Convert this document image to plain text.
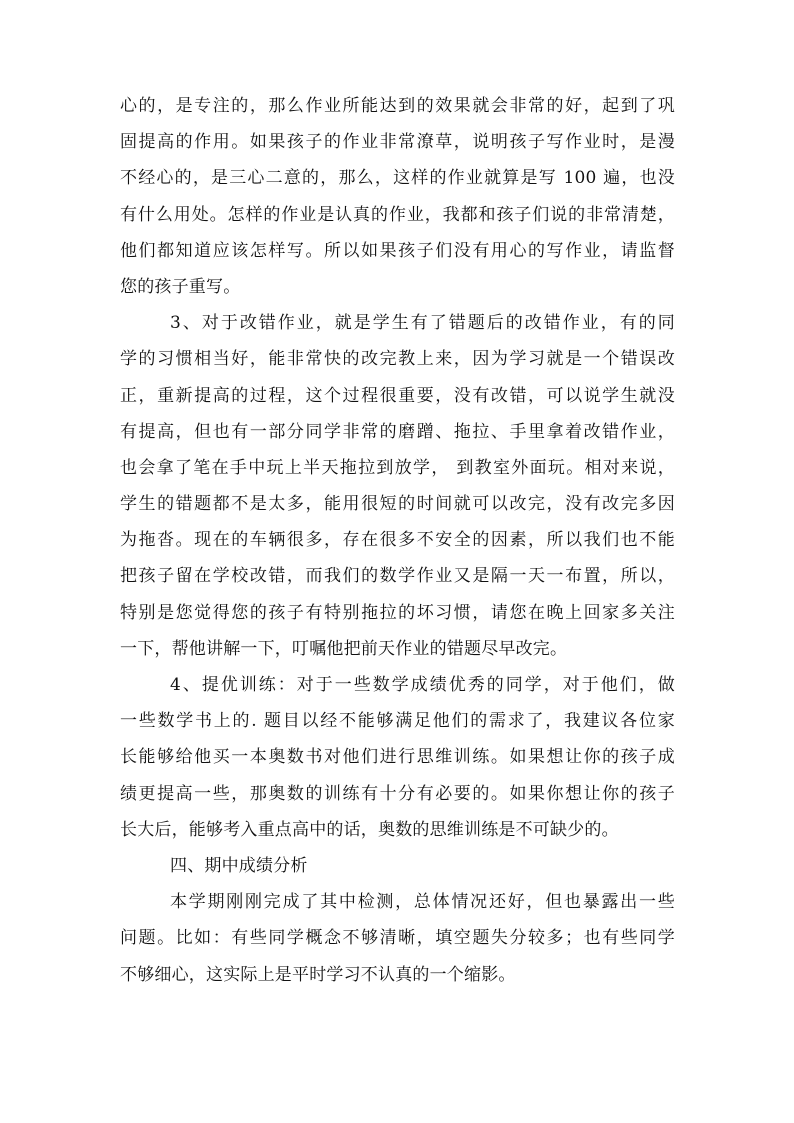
心的，是专注的，那么作业所能达到的效果就会非常的好，起到了巩
固提高的作用。如果孩子的作业非常潦草，说明孩子写作业时，是漫
不经心的，是三心二意的，那么，这样的作业就算是写 100 遍，也没
有什么用处。怎样的作业是认真的作业，我都和孩子们说的非常清楚，
他们都知道应该怎样写。所以如果孩子们没有用心的写作业，请监督
您的孩子重写。
3、对于改错作业，就是学生有了错题后的改错作业，有的同
学的习惯相当好，能非常快的改完教上来，因为学习就是一个错误改
正，重新提高的过程，这个过程很重要，没有改错，可以说学生就没
有提高，但也有一部分同学非常的磨蹭、拖拉、手里拿着改错作业，
也会拿了笔在手中玩上半天拖拉到放学， 到教室外面玩。相对来说，
学生的错题都不是太多，能用很短的时间就可以改完，没有改完多因
为拖沓。现在的车辆很多，存在很多不安全的因素，所以我们也不能
把孩子留在学校改错，而我们的数学作业又是隔一天一布置，所以，
特别是您觉得您的孩子有特别拖拉的坏习惯，请您在晚上回家多关注
一下，帮他讲解一下，叮嘱他把前天作业的错题尽早改完。
4、提优训练：对于一些数学成绩优秀的同学，对于他们，做
一些数学书上的. 题目以经不能够满足他们的需求了，我建议各位家
长能够给他买一本奥数书对他们进行思维训练。如果想让你的孩子成
绩更提高一些，那奥数的训练有十分有必要的。如果你想让你的孩子
长大后，能够考入重点高中的话，奥数的思维训练是不可缺少的。
四、期中成绩分析
本学期刚刚完成了其中检测，总体情况还好，但也暴露出一些
问题。比如：有些同学概念不够清晰，填空题失分较多；也有些同学
不够细心，这实际上是平时学习不认真的一个缩影。
